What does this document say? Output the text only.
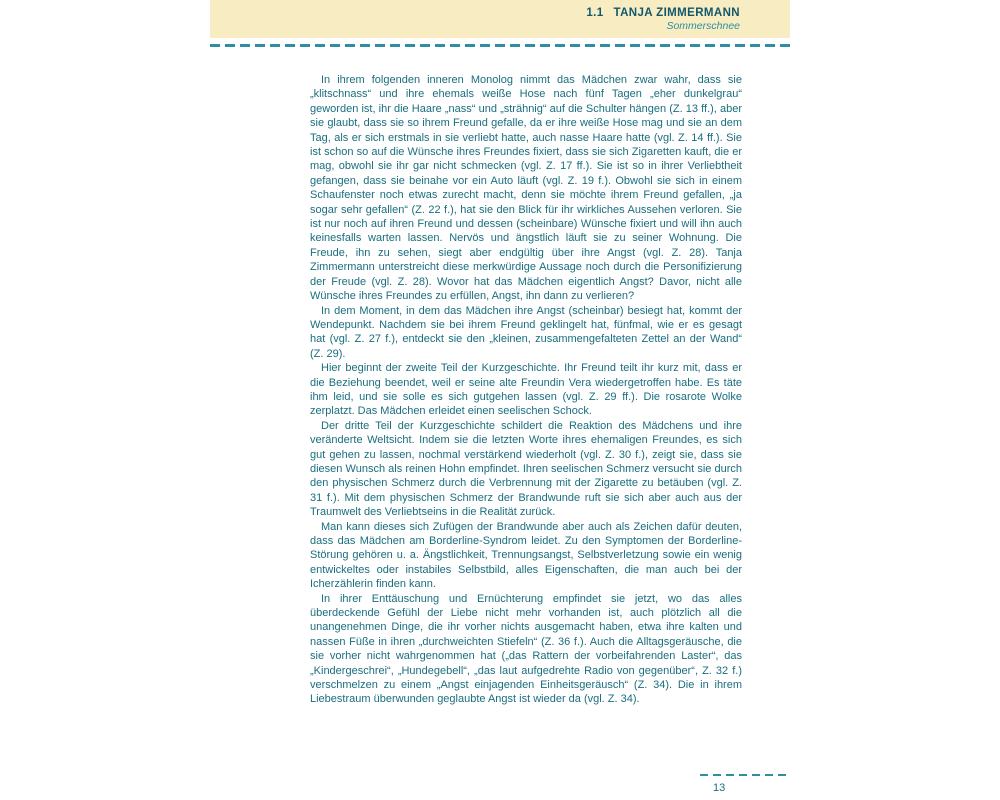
1.1 TANJA ZIMMERMANN
Sommerschnee

In ihrem folgenden inneren Monolog nimmt das Mädchen zwar wahr, dass sie „klitschnass“ und ihre ehemals weiße Hose nach fünf Tagen „eher dunkelgrau“ geworden ist, ihr die Haare „nass“ und „strähnig“ auf die Schulter hängen (Z. 13 ff.), aber sie glaubt, dass sie so ihrem Freund gefalle, da er ihre weiße Hose mag und sie an dem Tag, als er sich erstmals in sie verliebt hatte, auch nasse Haare hatte (vgl. Z. 14 ff.). Sie ist schon so auf die Wünsche ihres Freundes fixiert, dass sie sich Zigaretten kauft, die er mag, obwohl sie ihr gar nicht schmecken (vgl. Z. 17 ff.). Sie ist so in ihrer Verliebtheit gefangen, dass sie beinahe vor ein Auto läuft (vgl. Z. 19 f.). Obwohl sie sich in einem Schaufenster noch etwas zurecht macht, denn sie möchte ihrem Freund gefallen, „ja sogar sehr gefallen“ (Z. 22 f.), hat sie den Blick für ihr wirkliches Aussehen verloren. Sie ist nur noch auf ihren Freund und dessen (scheinbare) Wünsche fixiert und will ihn auch keinesfalls warten lassen. Nervös und ängstlich läuft sie zu seiner Wohnung. Die Freude, ihn zu sehen, siegt aber endgültig über ihre Angst (vgl. Z. 28). Tanja Zimmermann unterstreicht diese merkwürdige Aussage noch durch die Personifizierung der Freude (vgl. Z. 28). Wovor hat das Mädchen eigentlich Angst? Davor, nicht alle Wünsche ihres Freundes zu erfüllen, Angst, ihn dann zu verlieren?

In dem Moment, in dem das Mädchen ihre Angst (scheinbar) besiegt hat, kommt der Wendepunkt. Nachdem sie bei ihrem Freund geklingelt hat, fünfmal, wie er es gesagt hat (vgl. Z. 27 f.), entdeckt sie den „kleinen, zusammengefalteten Zettel an der Wand“ (Z. 29).

Hier beginnt der zweite Teil der Kurzgeschichte. Ihr Freund teilt ihr kurz mit, dass er die Beziehung beendet, weil er seine alte Freundin Vera wiedergetroffen habe. Es täte ihm leid, und sie solle es sich gutgehen lassen (vgl. Z. 29 ff.). Die rosarote Wolke zerplatzt. Das Mädchen erleidet einen seelischen Schock.

Der dritte Teil der Kurzgeschichte schildert die Reaktion des Mädchens und ihre veränderte Weltsicht. Indem sie die letzten Worte ihres ehemaligen Freundes, es sich gut gehen zu lassen, nochmal verstärkend wiederholt (vgl. Z. 30 f.), zeigt sie, dass sie diesen Wunsch als reinen Hohn empfindet. Ihren seelischen Schmerz versucht sie durch den physischen Schmerz durch die Verbrennung mit der Zigarette zu betäuben (vgl. Z. 31 f.). Mit dem physischen Schmerz der Brandwunde ruft sie sich aber auch aus der Traumwelt des Verliebtseins in die Realität zurück.

Man kann dieses sich Zufügen der Brandwunde aber auch als Zeichen dafür deuten, dass das Mädchen am Borderline-Syndrom leidet. Zu den Symptomen der Borderline-Störung gehören u. a. Ängstlichkeit, Trennungsangst, Selbstverletzung sowie ein wenig entwickeltes oder instabiles Selbstbild, alles Eigenschaften, die man auch bei der Icherzählerin finden kann.

In ihrer Enttäuschung und Ernüchterung empfindet sie jetzt, wo das alles überdeckende Gefühl der Liebe nicht mehr vorhanden ist, auch plötzlich all die unangenehmen Dinge, die ihr vorher nichts ausgemacht haben, etwa ihre kalten und nassen Füße in ihren „durchweichten Stiefeln“ (Z. 36 f.). Auch die Alltagsgeräusche, die sie vorher nicht wahrgenommen hat („das Rattern der vorbeifahrenden Laster“, das „Kindergeschrei“, „Hundegebell“, „das laut aufgedrehte Radio von gegenüber“, Z. 32 f.) verschmelzen zu einem „Angst einjagenden Einheitsgeräusch“ (Z. 34). Die in ihrem Liebestraum überwunden geglaubte Angst ist wieder da (vgl. Z. 34).

13
